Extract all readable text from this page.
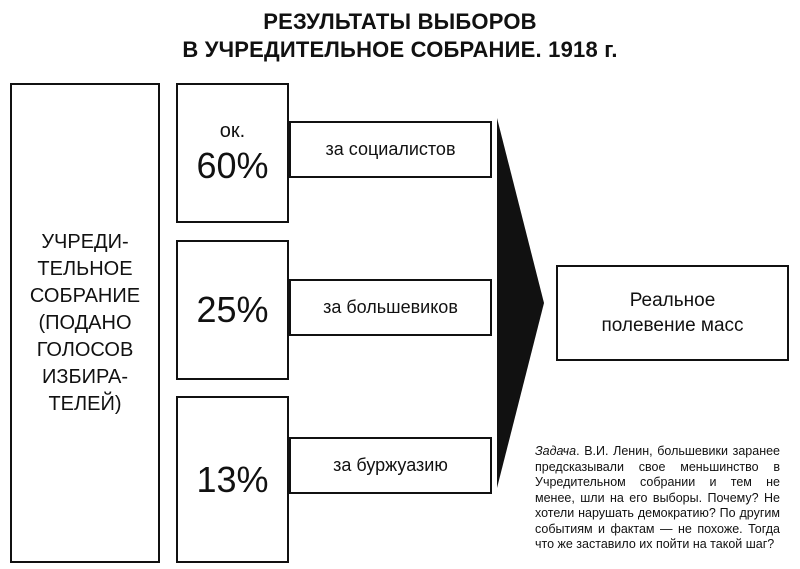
РЕЗУЛЬТАТЫ ВЫБОРОВ
В УЧРЕДИТЕЛЬНОЕ СОБРАНИЕ. 1918 г.
УЧРЕДИ-
ТЕЛЬНОЕ
СОБРАНИЕ
(ПОДАНО
ГОЛОСОВ
ИЗБИРА-
ТЕЛЕЙ)
ок.
60%	за социалистов
25%	за большевиков
13%	за буржуазию
Реальное
полевение масс
Задача. В.И. Ленин, большевики заранее предсказывали свое меньшинство в Учредительном собрании и тем не менее, шли на его выборы. Почему? Не хотели нарушать демократию? По другим событиям и фактам — не похоже. Тогда что же заставило их пойти на такой шаг?
